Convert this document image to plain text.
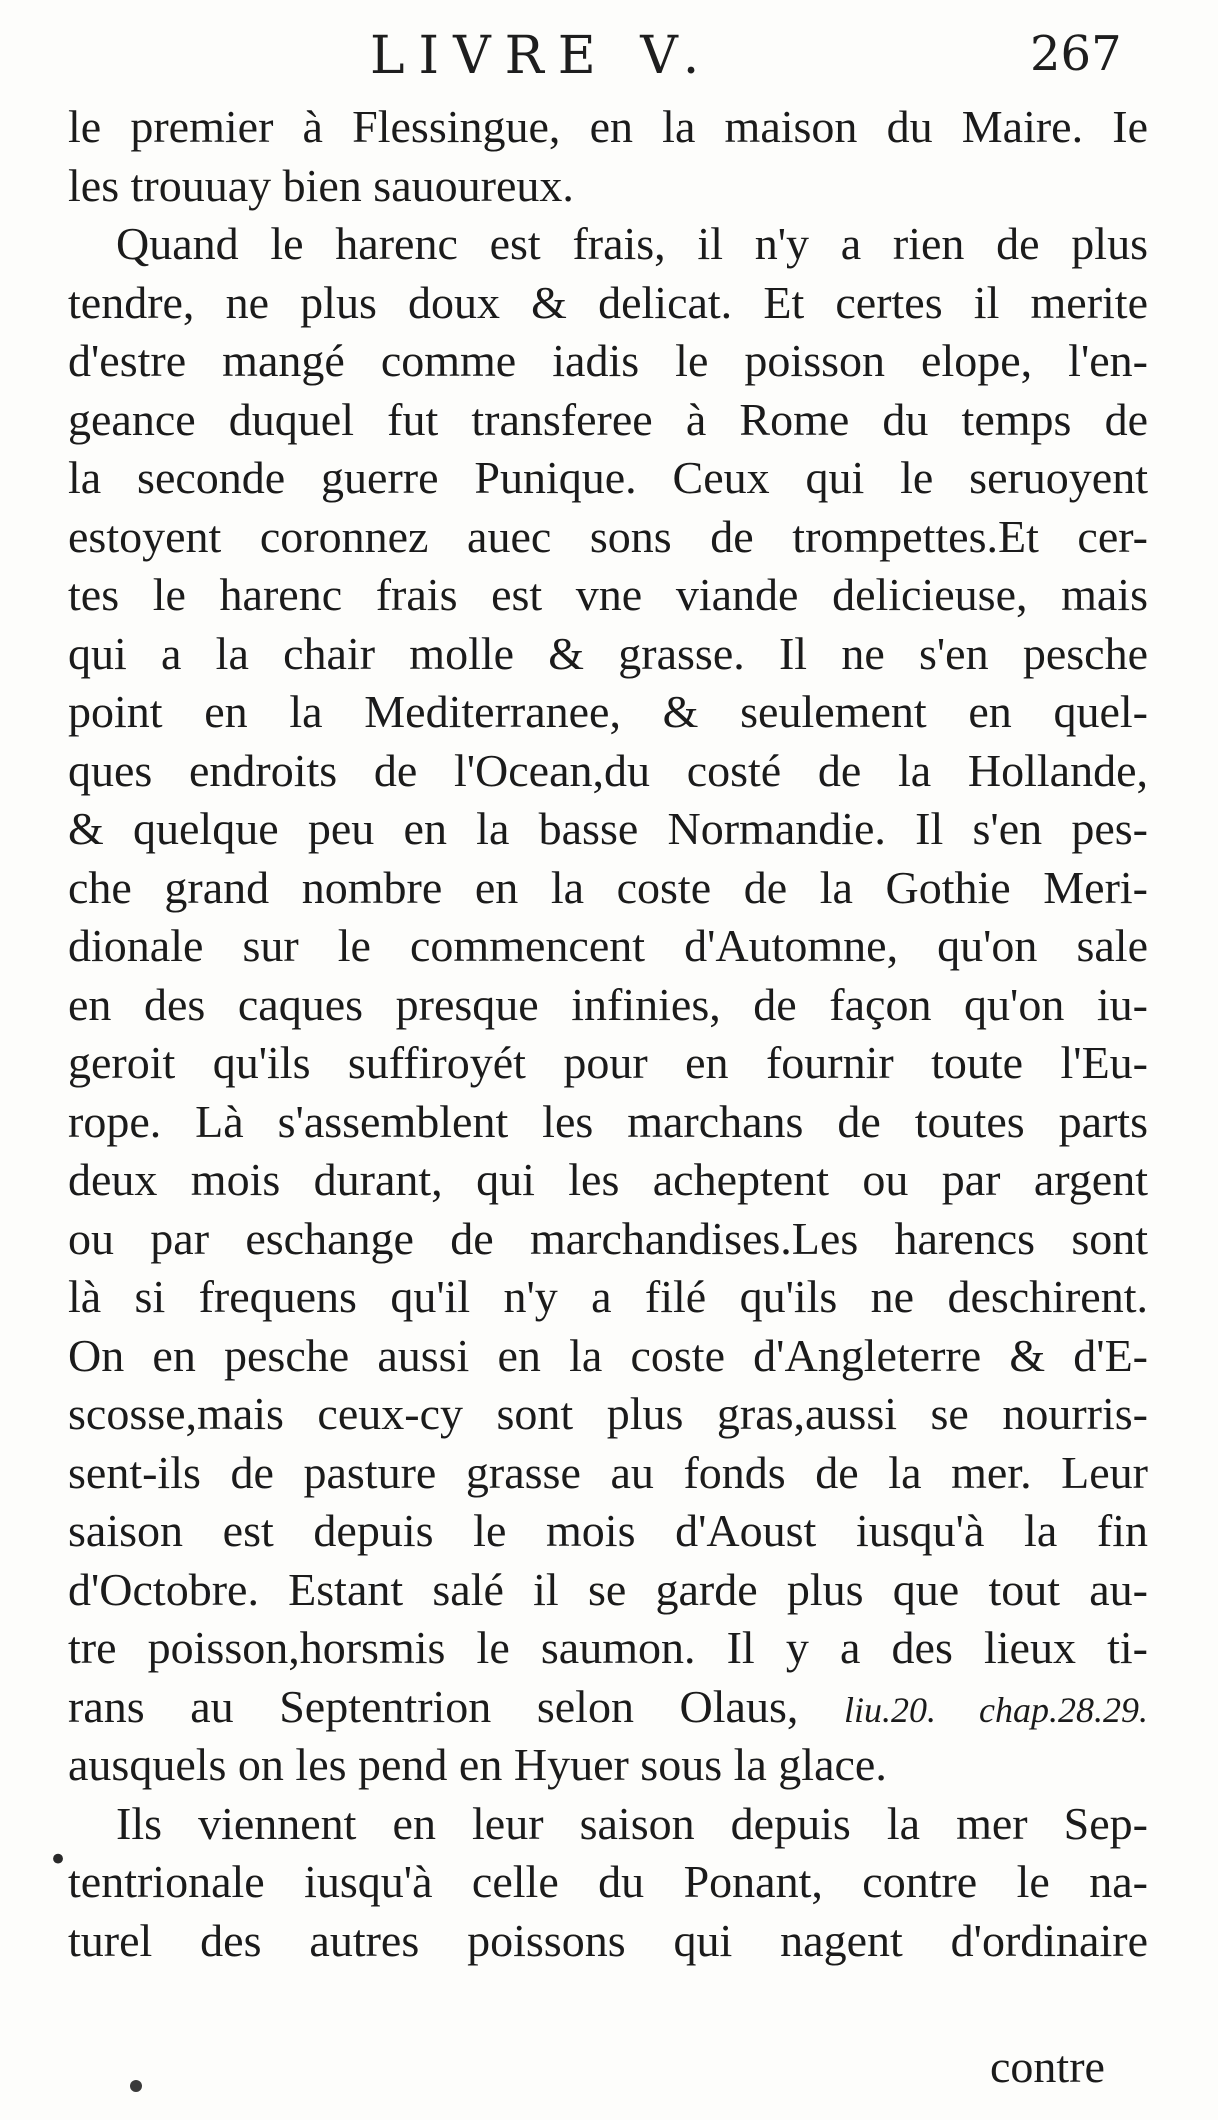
LIVRE V.	267
le premier à Flessingue, en la maison du Maire. Ie
les trouuay bien sauoureux.
Quand le harenc est frais, il n'y a rien de plus
tendre, ne plus doux & delicat. Et certes il merite
d'estre mangé comme iadis le poisson elope, l'en-
geance duquel fut transferee à Rome du temps de
la seconde guerre Punique. Ceux qui le seruoyent
estoyent coronnez auec sons de trompettes.Et cer-
tes le harenc frais est vne viande delicieuse, mais
qui a la chair molle & grasse. Il ne s'en pesche
point en la Mediterranee, & seulement en quel-
ques endroits de l'Ocean,du costé de la Hollande,
& quelque peu en la basse Normandie. Il s'en pes-
che grand nombre en la coste de la Gothie Meri-
dionale sur le commencent d'Automne, qu'on sale
en des caques presque infinies, de façon qu'on iu-
geroit qu'ils suffiroyét pour en fournir toute l'Eu-
rope. Là s'assemblent les marchans de toutes parts
deux mois durant, qui les acheptent ou par argent
ou par eschange de marchandises.Les harencs sont
là si frequens qu'il n'y a filé qu'ils ne deschirent.
On en pesche aussi en la coste d'Angleterre & d'E-
scosse,mais ceux-cy sont plus gras,aussi se nourris-
sent-ils de pasture grasse au fonds de la mer. Leur
saison est depuis le mois d'Aoust iusqu'à la fin
d'Octobre. Estant salé il se garde plus que tout au-
tre poisson,horsmis le saumon. Il y a des lieux ti-
rans au Septentrion selon Olaus, liu.20. chap.28.29.
ausquels on les pend en Hyuer sous la glace.
Ils viennent en leur saison depuis la mer Sep-
tentrionale iusqu'à celle du Ponant, contre le na-
turel des autres poissons qui nagent d'ordinaire
•
contre
